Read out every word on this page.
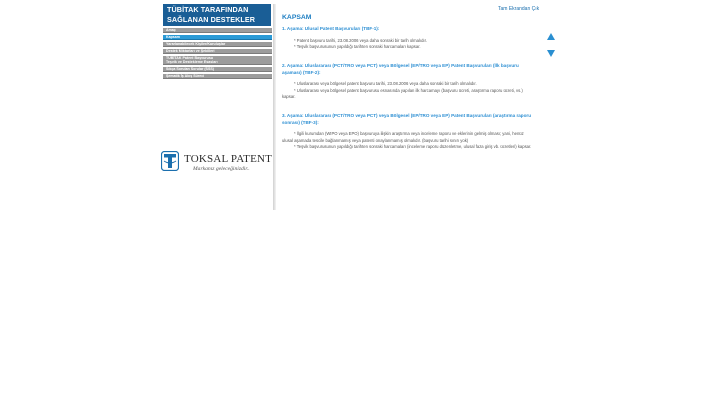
TÜBİTAK TARAFINDAN
SAĞLANAN DESTEKLER
Amaç
Kapsam
Yararlanabilecek Kişiler/Kuruluşlar
Destek Miktarları ve Şekilleri
TÜBİTAK Patent Başvurusu
Teşvik ve Destekleme Esasları
Sıkça Sorulan Sorular (SSS)
Şematik İş Akış Süreci
TOKSAL PATENT
Markanız geleceğinizdir..
Tam Ekrandan Çık
KAPSAM

1. Aşama: Ulusal Patent Başvuruları (TBF-1):

* Patent başvuru tarihi, 23.08.2006 veya daha sonraki bir tarih olmalıdır.

* Teşvik başvurusunun yapıldığı tarihten sonraki harcamaları kapsar.

2. Aşama: Uluslararası (PCT/TRO veya PCT) veya Bölgesel (EP/TRO veya EP) Patent Başvuruları (İlk başvuru aşaması) (TBF-2):

* Uluslararası veya bölgesel patent başvuru tarihi, 23.08.2006 veya daha sonraki bir tarih olmalıdır.

* Uluslararası veya bölgesel patent başvurusu esnasında yapılan ilk harcamayı (başvuru ücreti, araştırma raporu ücreti, vs.) kapsar.

3. Aşama: Uluslararası (PCT/TRO veya PCT) veya Bölgesel (EP/TRO veya EP) Patent Başvuruları (araştırma raporu sonrası) (TBF-3):

* İlgili kurumdan (WIPO veya EPO) başvuruya ilişkin araştırma veya inceleme raporu ve eklerinin gelmiş olması; yani, henüz ulusal aşamada tescile bağlanmamış veya patenti onaylanmamış olmalıdır. (başvuru tarihi sınırı yok)

* Teşvik başvurusunun yapıldığı tarihten sonraki harcamaları (inceleme raporu düzenletme, ulusal faza giriş vb. ücretleri) kapsar.
